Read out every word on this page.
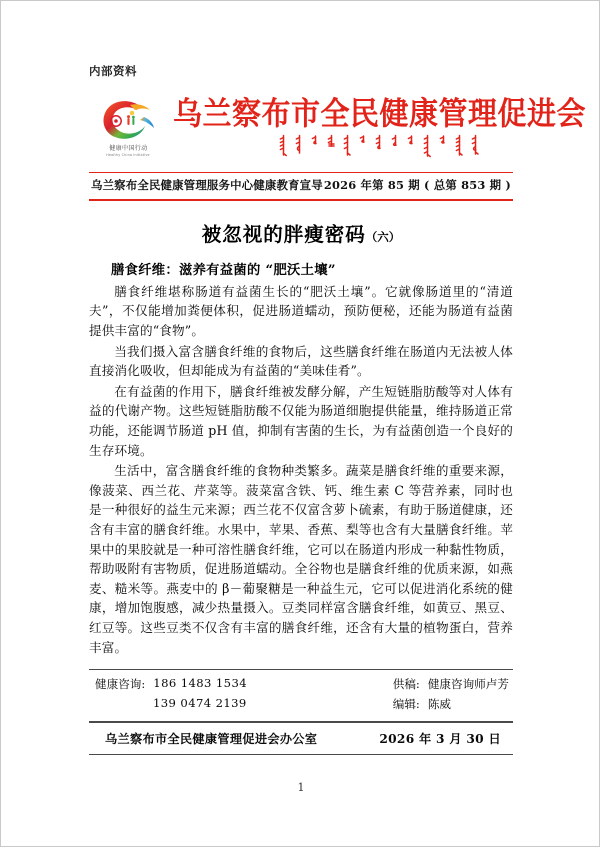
内部资料
健康中国行动
Healthy China Initiative
乌兰察布市全民健康管理促进会
乌兰察布全民健康管理服务中心健康教育宣导 2026 年第 85 期 ( 总第 853 期 )
被忽视的胖瘦密码（六）
膳食纤维：滋养有益菌的 “肥沃土壤”

膳食纤维堪称肠道有益菌生长的“肥沃土壤”。它就像肠道里的“清道夫”，不仅能增加粪便体积，促进肠道蠕动，预防便秘，还能为肠道有益菌提供丰富的“食物”。

当我们摄入富含膳食纤维的食物后，这些膳食纤维在肠道内无法被人体直接消化吸收，但却能成为有益菌的“美味佳肴”。

在有益菌的作用下，膳食纤维被发酵分解，产生短链脂肪酸等对人体有益的代谢产物。这些短链脂肪酸不仅能为肠道细胞提供能量，维持肠道正常功能，还能调节肠道 pH 值，抑制有害菌的生长，为有益菌创造一个良好的生存环境。

生活中，富含膳食纤维的食物种类繁多。蔬菜是膳食纤维的重要来源，像菠菜、西兰花、芹菜等。菠菜富含铁、钙、维生素 C 等营养素，同时也是一种很好的益生元来源；西兰花不仅富含萝卜硫素，有助于肠道健康，还含有丰富的膳食纤维。水果中，苹果、香蕉、梨等也含有大量膳食纤维。苹果中的果胶就是一种可溶性膳食纤维，它可以在肠道内形成一种黏性物质，帮助吸附有害物质，促进肠道蠕动。全谷物也是膳食纤维的优质来源，如燕麦、糙米等。燕麦中的 β－葡聚糖是一种益生元，它可以促进消化系统的健康，增加饱腹感，减少热量摄入。豆类同样富含膳食纤维，如黄豆、黑豆、红豆等。这些豆类不仅含有丰富的膳食纤维，还含有大量的植物蛋白，营养丰富。

健康咨询: 186 1483 1534
139 0474 2139
供稿: 健康咨询师卢芳
编辑: 陈威
乌兰察布市全民健康管理促进会办公室	2026 年 3 月 30 日
1
